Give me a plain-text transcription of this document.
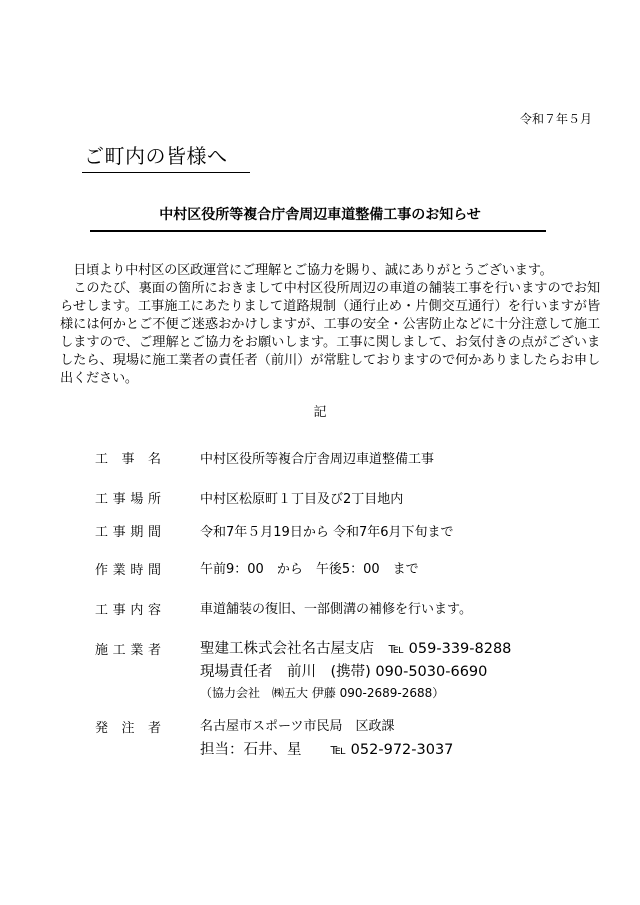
令和７年５月
ご町内の皆様へ
中村区役所等複合庁舎周辺車道整備工事のお知らせ

日頃より中村区の区政運営にご理解とご協力を賜り、誠にありがとうございます。

このたび、裏面の箇所におきまして中村区役所周辺の車道の舗装工事を行いますのでお知らせします。工事施工にあたりまして道路規制（通行止め・片側交互通行）を行いますが皆様には何かとご不便ご迷惑おかけしますが、工事の安全・公害防止などに十分注意して施工しますので、ご理解とご協力をお願いします。工事に関しまして、お気付きの点がございましたら、現場に施工業者の責任者（前川）が常駐しておりますので何かありましたらお申し出ください。

記
工 事 名	中村区役所等複合庁舎周辺車道整備工事
工 事 場 所	中村区松原町１丁目及び2丁目地内
工 事 期 間	令和7年５月19日から 令和7年6月下旬まで
作 業 時 間	午前9：00　から　午後5：00　まで
工 事 内 容	車道舗装の復旧、一部側溝の補修を行います。
施 工 業 者	聖建工株式会社名古屋支店　℡ 059-339-8288
現場責任者　前川　(携帯) 090-5030-6690
（協力会社　㈱五大 伊藤 090-2689-2688）
発 注 者	名古屋市スポーツ市民局　区政課
担当：石井、星　　℡ 052-972-3037
